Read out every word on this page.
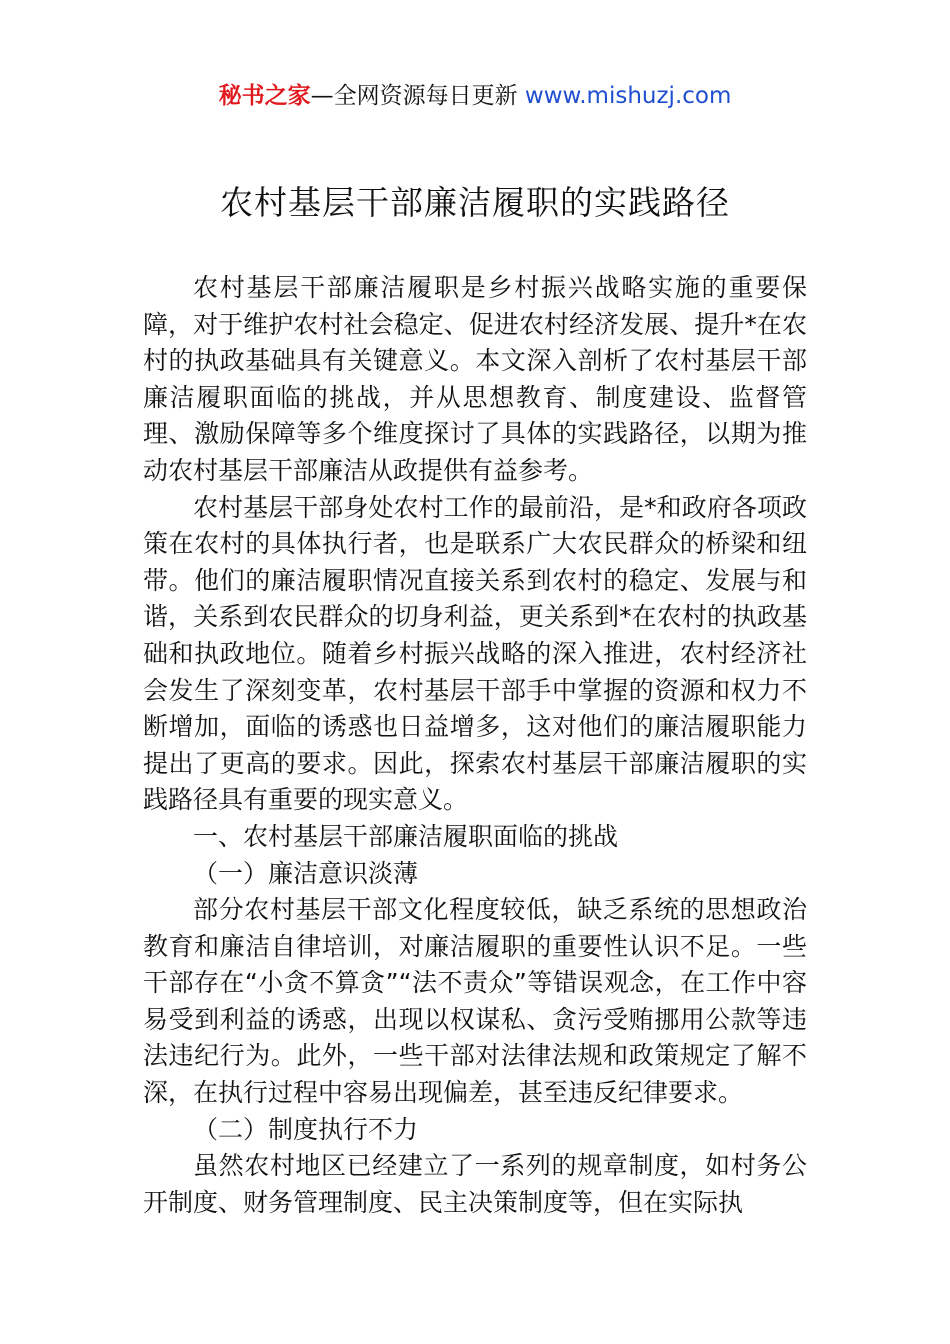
秘书之家—全网资源每日更新 www.mishuzj.com
农村基层干部廉洁履职的实践路径

农村基层干部廉洁履职是乡村振兴战略实施的重要保障，对于维护农村社会稳定、促进农村经济发展、提升*在农村的执政基础具有关键意义。本文深入剖析了农村基层干部廉洁履职面临的挑战，并从思想教育、制度建设、监督管理、激励保障等多个维度探讨了具体的实践路径，以期为推动农村基层干部廉洁从政提供有益参考。

农村基层干部身处农村工作的最前沿，是*和政府各项政策在农村的具体执行者，也是联系广大农民群众的桥梁和纽带。他们的廉洁履职情况直接关系到农村的稳定、发展与和谐，关系到农民群众的切身利益，更关系到*在农村的执政基础和执政地位。随着乡村振兴战略的深入推进，农村经济社会发生了深刻变革，农村基层干部手中掌握的资源和权力不断增加，面临的诱惑也日益增多，这对他们的廉洁履职能力提出了更高的要求。因此，探索农村基层干部廉洁履职的实践路径具有重要的现实意义。

一、农村基层干部廉洁履职面临的挑战

（一）廉洁意识淡薄

部分农村基层干部文化程度较低，缺乏系统的思想政治教育和廉洁自律培训，对廉洁履职的重要性认识不足。一些干部存在“小贪不算贪”“法不责众”等错误观念，在工作中容易受到利益的诱惑，出现以权谋私、贪污受贿挪用公款等违法违纪行为。此外，一些干部对法律法规和政策规定了解不深，在执行过程中容易出现偏差，甚至违反纪律要求。

（二）制度执行不力

虽然农村地区已经建立了一系列的规章制度，如村务公开制度、财务管理制度、民主决策制度等，但在实际执
